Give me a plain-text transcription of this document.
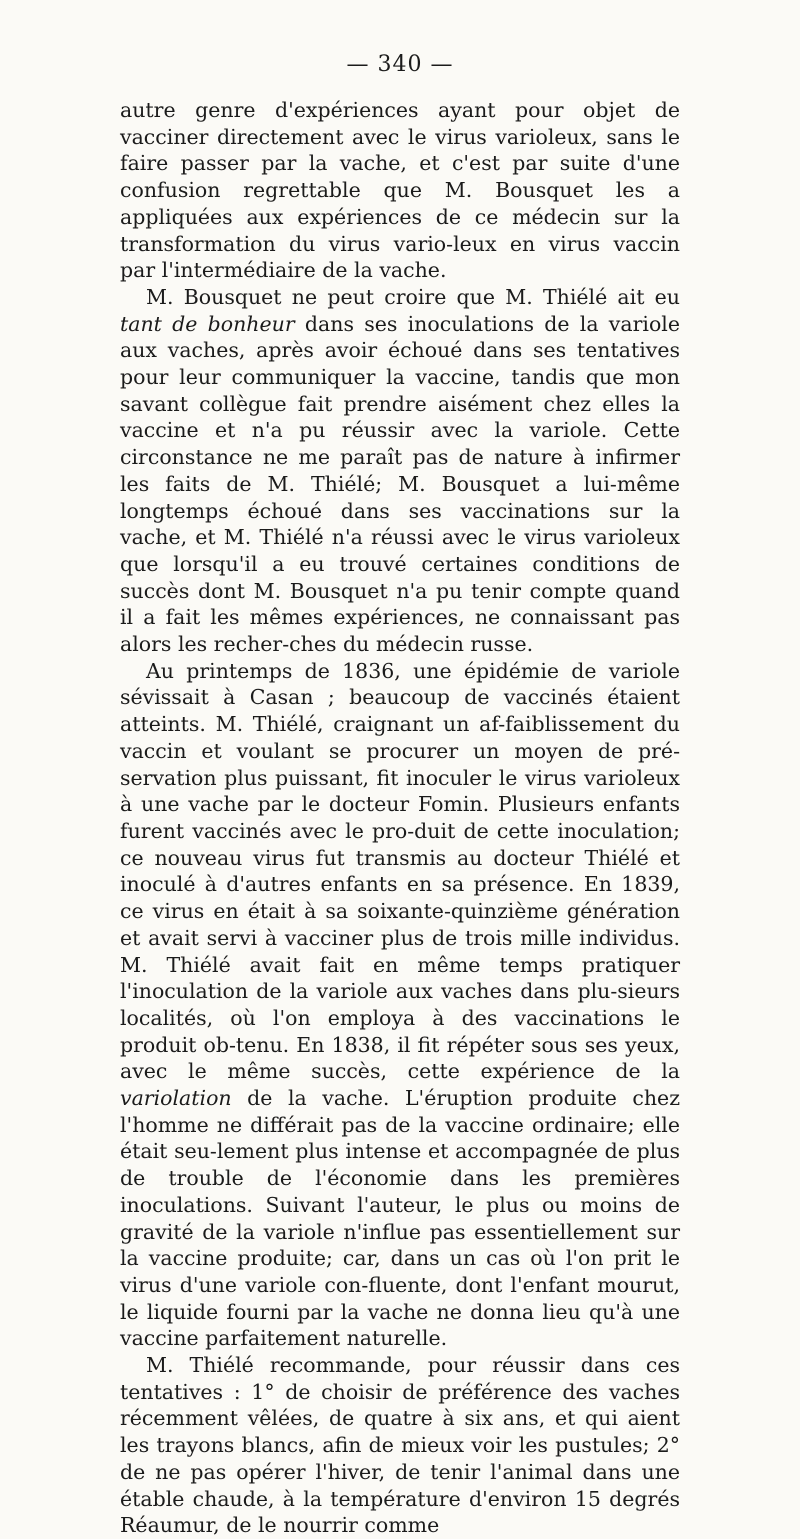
— 340 —

autre genre d'expériences ayant pour objet de vacciner directement avec le virus varioleux, sans le faire passer par la vache, et c'est par suite d'une confusion regrettable que M. Bousquet les a appliquées aux expériences de ce médecin sur la transformation du virus vario-leux en virus vaccin par l'intermédiaire de la vache.

M. Bousquet ne peut croire que M. Thiélé ait eu tant de bonheur dans ses inoculations de la variole aux vaches, après avoir échoué dans ses tentatives pour leur communiquer la vaccine, tandis que mon savant collègue fait prendre aisément chez elles la vaccine et n'a pu réussir avec la variole. Cette circonstance ne me paraît pas de nature à infirmer les faits de M. Thiélé; M. Bousquet a lui-même longtemps échoué dans ses vaccinations sur la vache, et M. Thiélé n'a réussi avec le virus varioleux que lorsqu'il a eu trouvé certaines conditions de succès dont M. Bousquet n'a pu tenir compte quand il a fait les mêmes expériences, ne connaissant pas alors les recher-ches du médecin russe.

Au printemps de 1836, une épidémie de variole sévissait à Casan ; beaucoup de vaccinés étaient atteints. M. Thiélé, craignant un af-faiblissement du vaccin et voulant se procurer un moyen de pré-servation plus puissant, fit inoculer le virus varioleux à une vache par le docteur Fomin. Plusieurs enfants furent vaccinés avec le pro-duit de cette inoculation; ce nouveau virus fut transmis au docteur Thiélé et inoculé à d'autres enfants en sa présence. En 1839, ce virus en était à sa soixante-quinzième génération et avait servi à vacciner plus de trois mille individus. M. Thiélé avait fait en même temps pratiquer l'inoculation de la variole aux vaches dans plu-sieurs localités, où l'on employa à des vaccinations le produit ob-tenu. En 1838, il fit répéter sous ses yeux, avec le même succès, cette expérience de la variolation de la vache. L'éruption produite chez l'homme ne différait pas de la vaccine ordinaire; elle était seu-lement plus intense et accompagnée de plus de trouble de l'économie dans les premières inoculations. Suivant l'auteur, le plus ou moins de gravité de la variole n'influe pas essentiellement sur la vaccine produite; car, dans un cas où l'on prit le virus d'une variole con-fluente, dont l'enfant mourut, le liquide fourni par la vache ne donna lieu qu'à une vaccine parfaitement naturelle.

M. Thiélé recommande, pour réussir dans ces tentatives : 1° de choisir de préférence des vaches récemment vêlées, de quatre à six ans, et qui aient les trayons blancs, afin de mieux voir les pustules; 2° de ne pas opérer l'hiver, de tenir l'animal dans une étable chaude, à la température d'environ 15 degrés Réaumur, de le nourrir comme
